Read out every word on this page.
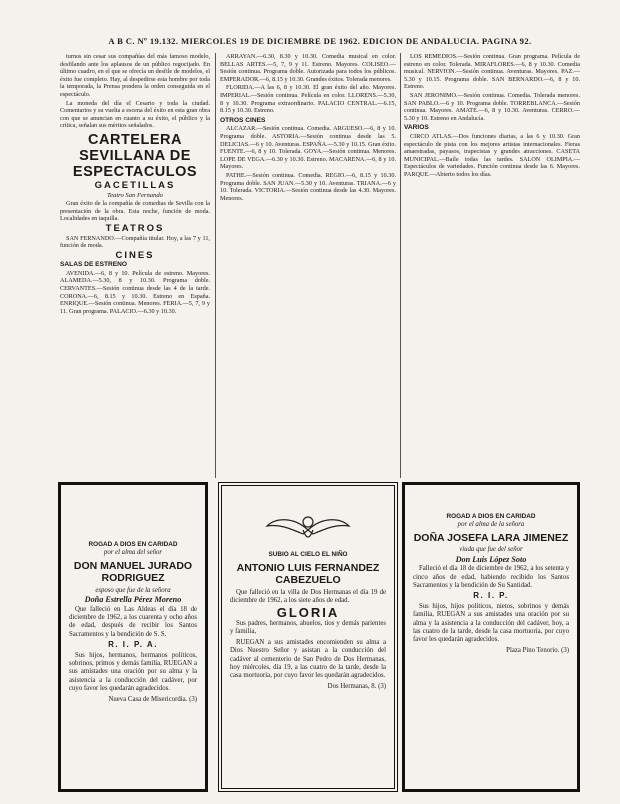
A B C. Nº 19.132. MIERCOLES 19 DE DICIEMBRE DE 1962. EDICION DE ANDALUCIA. PAGINA 92.

turnos sin cesar sus compañías del más famoso modelo, desfilando ante los aplausos de un público regocijado. En último cuadro, en el que se ofrecía un desfile de modelos, el éxito fue completo. Hay, al despedirse esta hombre por toda la temporada, la Prensa pondera la orden conseguida en el espectáculo.

La moneda del día el Cesario y toda la ciudad. Comentarios y su vuelta a escena del éxito en esta gran obra con que se anuncian en cuanto a su éxito, el público y la crítica, señalan sus méritos señalados.

CARTELERA SEVILLANA DE ESPECTACULOS
GACETILLAS
Teatro San Fernando

Gran éxito de la compañía de comedias de Sevilla con la presentación de la obra. Esta noche, función de moda. Localidades en taquilla.

TEATROS

SAN FERNANDO.—Compañía titular. Hoy, a las 7 y 11, función de moda.

CINES
SALAS DE ESTRENO

AVENIDA.—6, 8 y 10. Película de estreno. Mayores. ALAMEDA.—5.30, 8 y 10.30. Programa doble. CERVANTES.—Sesión continua desde las 4 de la tarde. CORONA.—6, 8.15 y 10.30. Estreno en España. ENRIQUE.—Sesión continua. Menores. FERIA.—5, 7, 9 y 11. Gran programa. PALACIO.—6.30 y 10.30.

ARRAYAN.—6.30, 8.30 y 10.30. Comedia musical en color. BELLAS ARTES.—5, 7, 9 y 11. Estreno. Mayores. COLISEO.—Sesión continua. Programa doble. Autorizada para todos los públicos. EMPERADOR.—6, 8.15 y 10.30. Grandes éxitos. Tolerada menores.

FLORIDA.—A las 6, 8 y 10.30. El gran éxito del año. Mayores. IMPERIAL.—Sesión continua. Película en color. LLORENS.—5.30, 8 y 10.30. Programa extraordinario. PALACIO CENTRAL.—6.15, 8.15 y 10.30. Estreno.

OTROS CINES

ALCAZAR.—Sesión continua. Comedia. ARGUESO.—6, 8 y 10. Programa doble. ASTORIA.—Sesión continua desde las 5. DELICIAS.—6 y 10. Aventuras. ESPAÑA.—5.30 y 10.15. Gran éxito. FUENTE.—6, 8 y 10. Tolerada. GOYA.—Sesión continua. Menores. LOPE DE VEGA.—6.30 y 10.30. Estreno. MACARENA.—6, 8 y 10. Mayores.

PATHE.—Sesión continua. Comedia. REGIO.—6, 8.15 y 10.30. Programa doble. SAN JUAN.—5.30 y 10. Aventuras. TRIANA.—6 y 10. Tolerada. VICTORIA.—Sesión continua desde las 4.30. Mayores. Menores.

LOS REMEDIOS.—Sesión continua. Gran programa. Película de estreno en color. Tolerada. MIRAFLORES.—6, 8 y 10.30. Comedia musical. NERVION.—Sesión continua. Aventuras. Mayores. PAZ.—5.30 y 10.15. Programa doble. SAN BERNARDO.—6, 8 y 10. Estreno.

SAN JERONIMO.—Sesión continua. Comedia. Tolerada menores. SAN PABLO.—6 y 10. Programa doble. TORREBLANCA.—Sesión continua. Mayores. AMATE.—6, 8 y 10.30. Aventuras. CERRO.—5.30 y 10. Estreno en Andalucía.

VARIOS

CIRCO ATLAS.—Dos funciones diarias, a las 6 y 10.30. Gran espectáculo de pista con los mejores artistas internacionales. Fieras amaestradas, payasos, trapecistas y grandes atracciones. CASETA MUNICIPAL.—Baile todas las tardes. SALON OLIMPIA.—Espectáculos de variedades. Función continua desde las 6. Mayores. PARQUE.—Abierto todos los días.

ROGAD A DIOS EN CARIDAD
por el alma del señor
DON MANUEL JURADO RODRIGUEZ
esposo que fue de la señora
Doña Estrella Pérez Moreno

Que falleció en Las Aldeas el día 18 de diciembre de 1962, a los cuarenta y ocho años de edad, después de recibir los Santos Sacramentos y la bendición de S. S.

R. I. P. A.

Sus hijos, hermanos, hermanos políticos, sobrinos, primos y demás familia, RUEGAN a sus amistades una oración por su alma y la asistencia a la conducción del cadáver, por cuyo favor les quedarán agradecidos.

Nueva Casa de Misericordia. (3)
SUBIO AL CIELO EL NIÑO
ANTONIO LUIS FERNANDEZ CABEZUELO

Que falleció en la villa de Dos Hermanas el día 19 de diciembre de 1962, a los siete años de edad.

GLORIA

Sus padres, hermanos, abuelos, tíos y demás parientes y familia,

RUEGAN a sus amistades encomienden su alma a Dios Nuestro Señor y asistan a la conducción del cadáver al cementerio de San Pedro de Dos Hermanas, hoy miércoles, día 19, a las cuatro de la tarde, desde la casa mortuoria, por cuyo favor les quedarán agradecidos.

Dos Hermanas, 8. (3)
ROGAD A DIOS EN CARIDAD
por el alma de la señora
DOÑA JOSEFA LARA JIMENEZ
viuda que fue del señor
Don Luis López Soto

Falleció el día 18 de diciembre de 1962, a los setenta y cinco años de edad, habiendo recibido los Santos Sacramentos y la bendición de Su Santidad.

R. I. P.

Sus hijos, hijos políticos, nietos, sobrinos y demás familia, RUEGAN a sus amistades una oración por su alma y la asistencia a la conducción del cadáver, hoy, a las cuatro de la tarde, desde la casa mortuoria, por cuyo favor les quedarán agradecidos.

Plaza Pino Tenorio. (3)
